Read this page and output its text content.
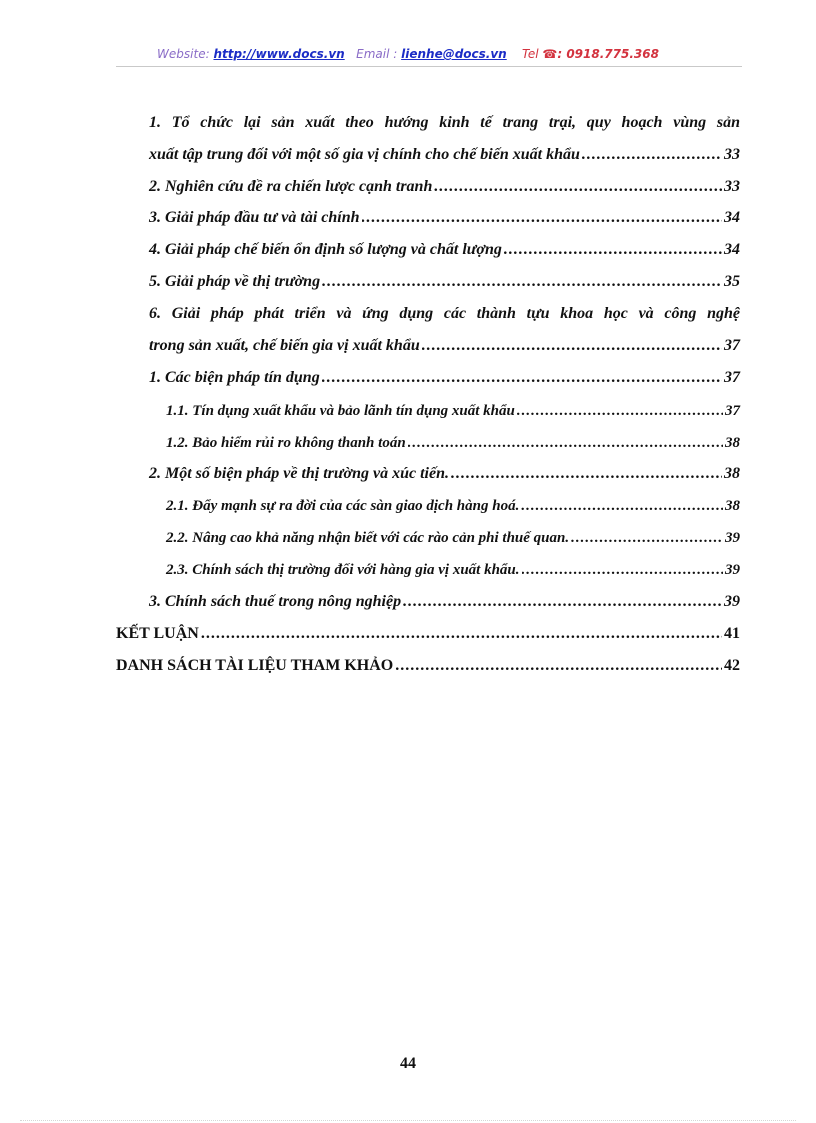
Website: http://www.docs.vn Email : lienhe@docs.vn Tel ☎: 0918.775.368
1. Tổ chức lại sản xuất theo hướng kinh tế trang trại, quy hoạch vùng sản
xuất tập trung đối với một số gia vị chính cho chế biến xuất khẩu .....	33
2. Nghiên cứu đề ra chiến lược cạnh tranh .....	33
3. Giải pháp đầu tư và tài chính .....	34
4. Giải pháp chế biến ổn định số lượng và chất lượng .....	34
5. Giải pháp về thị trường .....	35
6. Giải pháp phát triển và ứng dụng các thành tựu khoa học và công nghệ
trong sản xuất, chế biến gia vị xuất khẩu .....	37
1. Các biện pháp tín dụng .....	37
1.1. Tín dụng xuất khẩu và bảo lãnh tín dụng xuất khẩu .....	37
1.2. Bảo hiểm rủi ro không thanh toán .....	38
2. Một số biện pháp về thị trường và xúc tiến. .....	38
2.1. Đẩy mạnh sự ra đời của các sàn giao dịch hàng hoá. .....	38
2.2. Nâng cao khả năng nhận biết với các rào cản phi thuế quan. .....	39
2.3. Chính sách thị trường đối với hàng gia vị xuất khẩu. .....	39
3. Chính sách thuế trong nông nghiệp .....	39
KẾT LUẬN .....	41
DANH SÁCH TÀI LIỆU THAM KHẢO .....	42
44
